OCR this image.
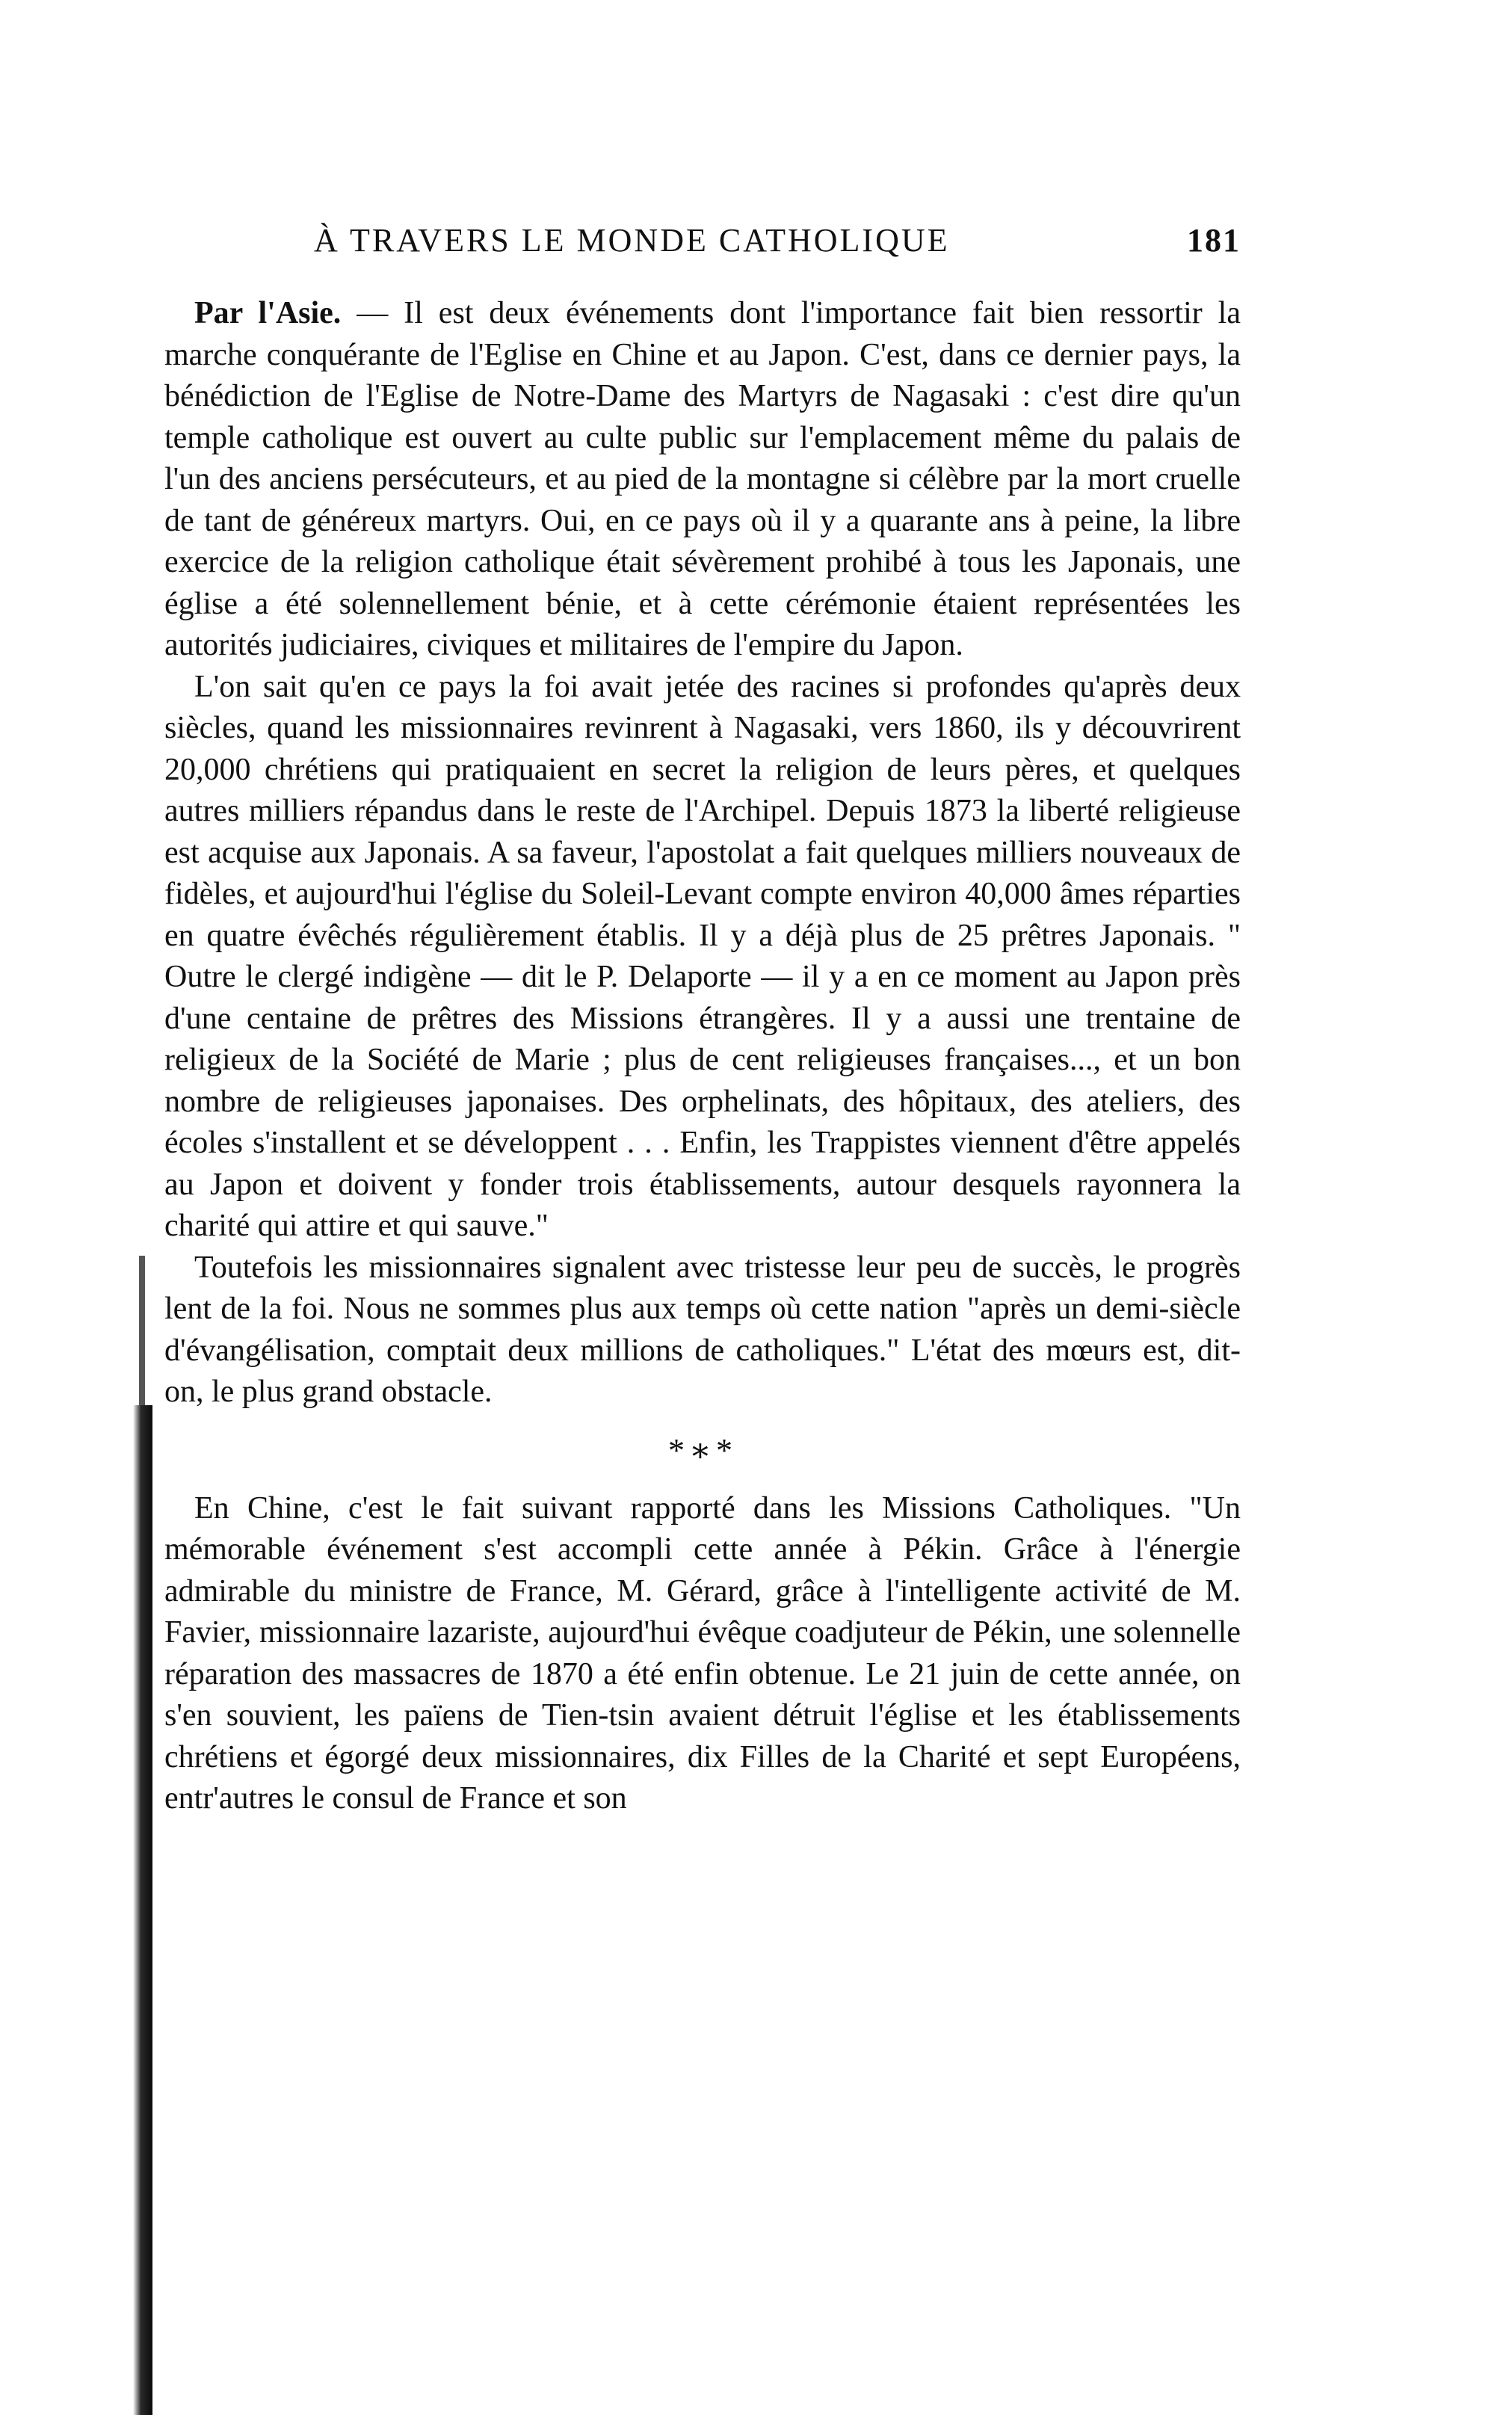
À TRAVERS LE MONDE CATHOLIQUE	181

Par l'Asie. — Il est deux événements dont l'importance fait bien ressortir la marche conquérante de l'Eglise en Chine et au Japon. C'est, dans ce dernier pays, la bénédiction de l'Eglise de Notre-Dame des Martyrs de Nagasaki : c'est dire qu'un temple catholique est ouvert au culte public sur l'emplacement même du palais de l'un des anciens persécuteurs, et au pied de la montagne si célèbre par la mort cruelle de tant de généreux martyrs. Oui, en ce pays où il y a quarante ans à peine, la libre exercice de la religion catholique était sévèrement prohibé à tous les Japonais, une église a été solennellement bénie, et à cette cérémonie étaient représentées les autorités judiciaires, civiques et militaires de l'empire du Japon.

L'on sait qu'en ce pays la foi avait jetée des racines si profondes qu'après deux siècles, quand les missionnaires revinrent à Nagasaki, vers 1860, ils y découvrirent 20,000 chrétiens qui pratiquaient en secret la religion de leurs pères, et quelques autres milliers répandus dans le reste de l'Archipel. Depuis 1873 la liberté religieuse est acquise aux Japonais. A sa faveur, l'apostolat a fait quelques milliers nouveaux de fidèles, et aujourd'hui l'église du Soleil-Levant compte environ 40,000 âmes réparties en quatre évêchés régulièrement établis. Il y a déjà plus de 25 prêtres Japonais. " Outre le clergé indigène — dit le P. Delaporte — il y a en ce moment au Japon près d'une centaine de prêtres des Missions étrangères. Il y a aussi une trentaine de religieux de la Société de Marie ; plus de cent religieuses françaises..., et un bon nombre de religieuses japonaises. Des orphelinats, des hôpitaux, des ateliers, des écoles s'installent et se développent . . . Enfin, les Trappistes viennent d'être appelés au Japon et doivent y fonder trois établissements, autour desquels rayonnera la charité qui attire et qui sauve."

Toutefois les missionnaires signalent avec tristesse leur peu de succès, le progrès lent de la foi. Nous ne sommes plus aux temps où cette nation "après un demi-siècle d'évangélisation, comptait deux millions de catholiques." L'état des mœurs est, dit-on, le plus grand obstacle.

*∗*

En Chine, c'est le fait suivant rapporté dans les Missions Catholiques. "Un mémorable événement s'est accompli cette année à Pékin. Grâce à l'énergie admirable du ministre de France, M. Gérard, grâce à l'intelligente activité de M. Favier, missionnaire lazariste, aujourd'hui évêque coadjuteur de Pékin, une solennelle réparation des massacres de 1870 a été enfin obtenue. Le 21 juin de cette année, on s'en souvient, les païens de Tien-tsin avaient détruit l'église et les établissements chrétiens et égorgé deux missionnaires, dix Filles de la Charité et sept Européens, entr'autres le consul de France et son
